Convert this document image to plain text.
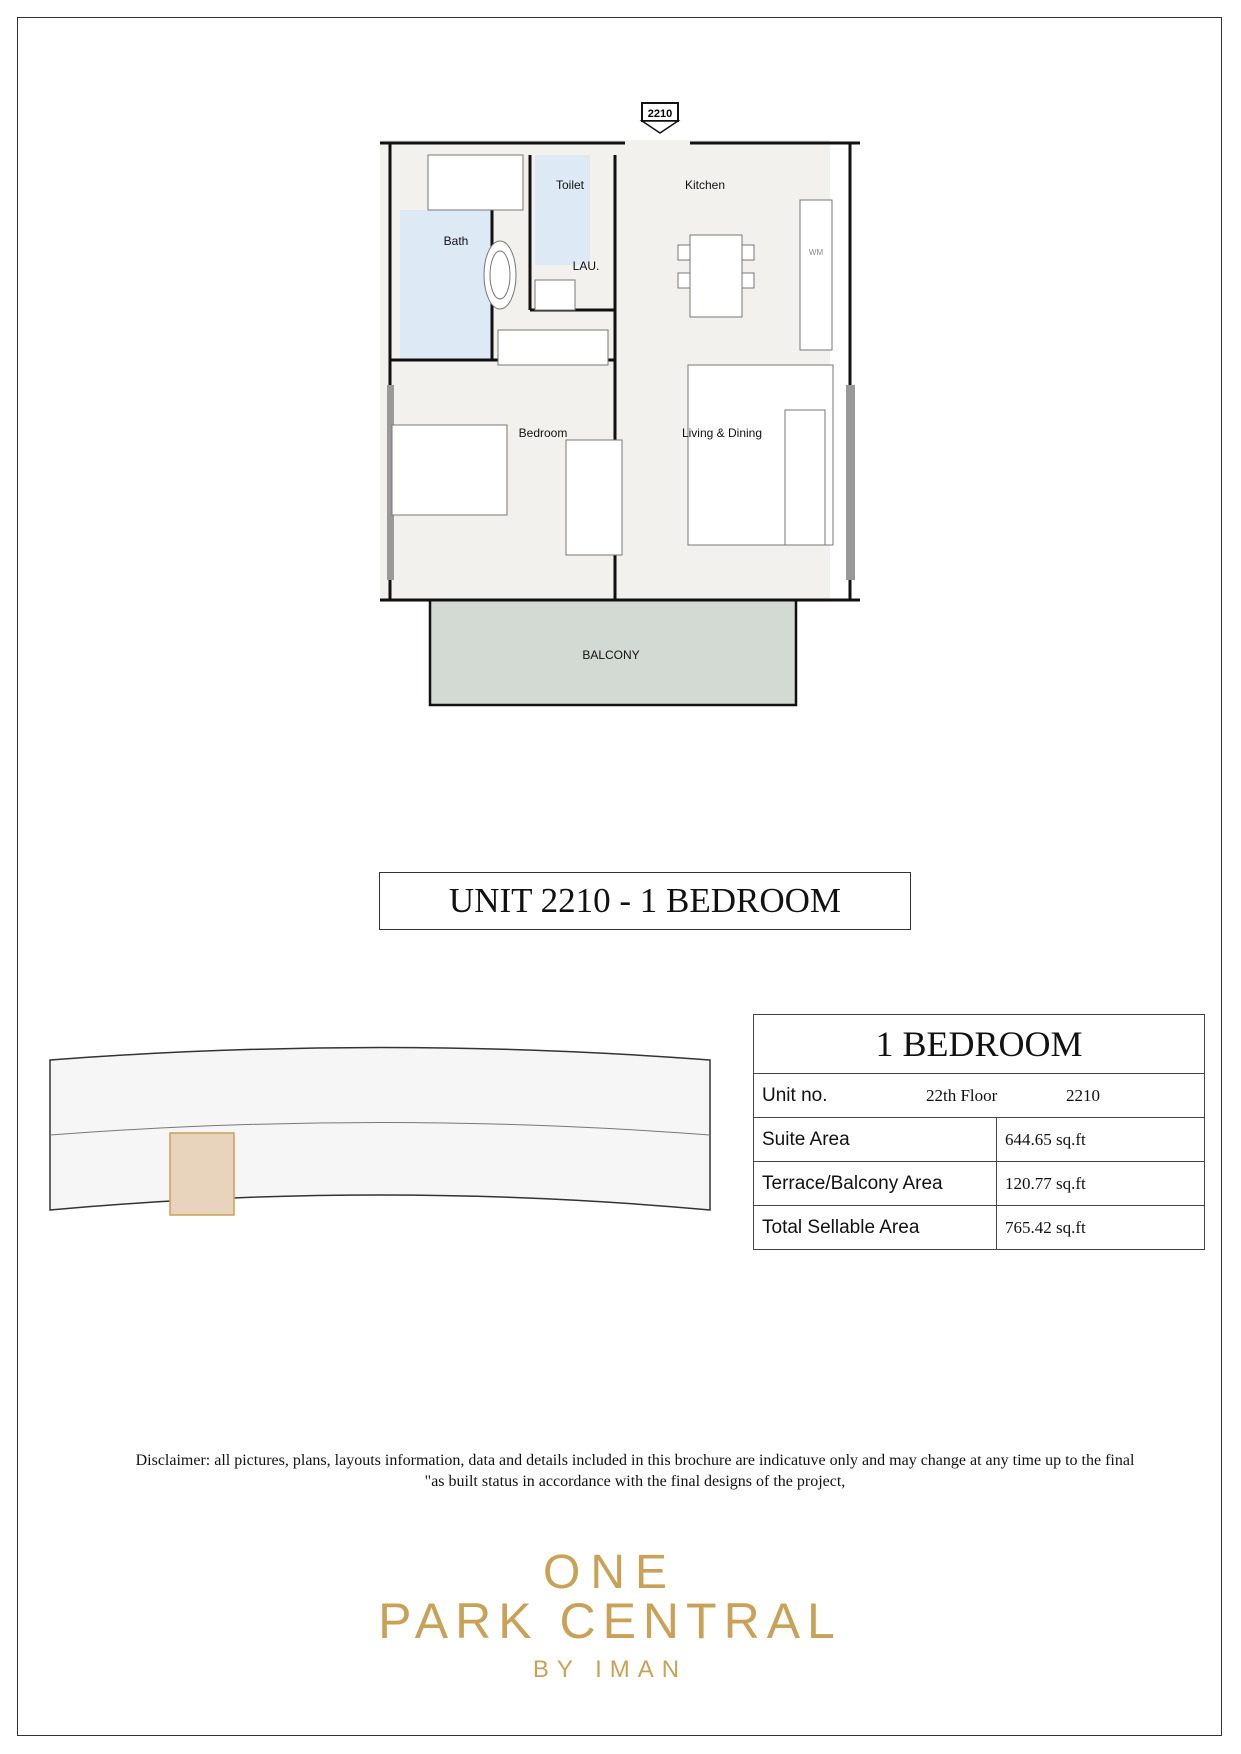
2210
Toilet	Kitchen
Bath
LAU.
Bedroom	Living & Dining
BALCONY
WM
UNIT 2210 - 1 BEDROOM
1 BEDROOM	

Unit no. 22th Floor 2210	

Suite Area	644.65 sq.ft
Terrace/Balcony Area	120.77 sq.ft
Total Sellable Area	765.42 sq.ft
Disclaimer: all pictures, plans, layouts information, data and details included in this brochure are indicatuve only and may change at any time up to the final
"as built status in accordance with the final designs of the project,
ONE
PARK CENTRAL
BY IMAN
